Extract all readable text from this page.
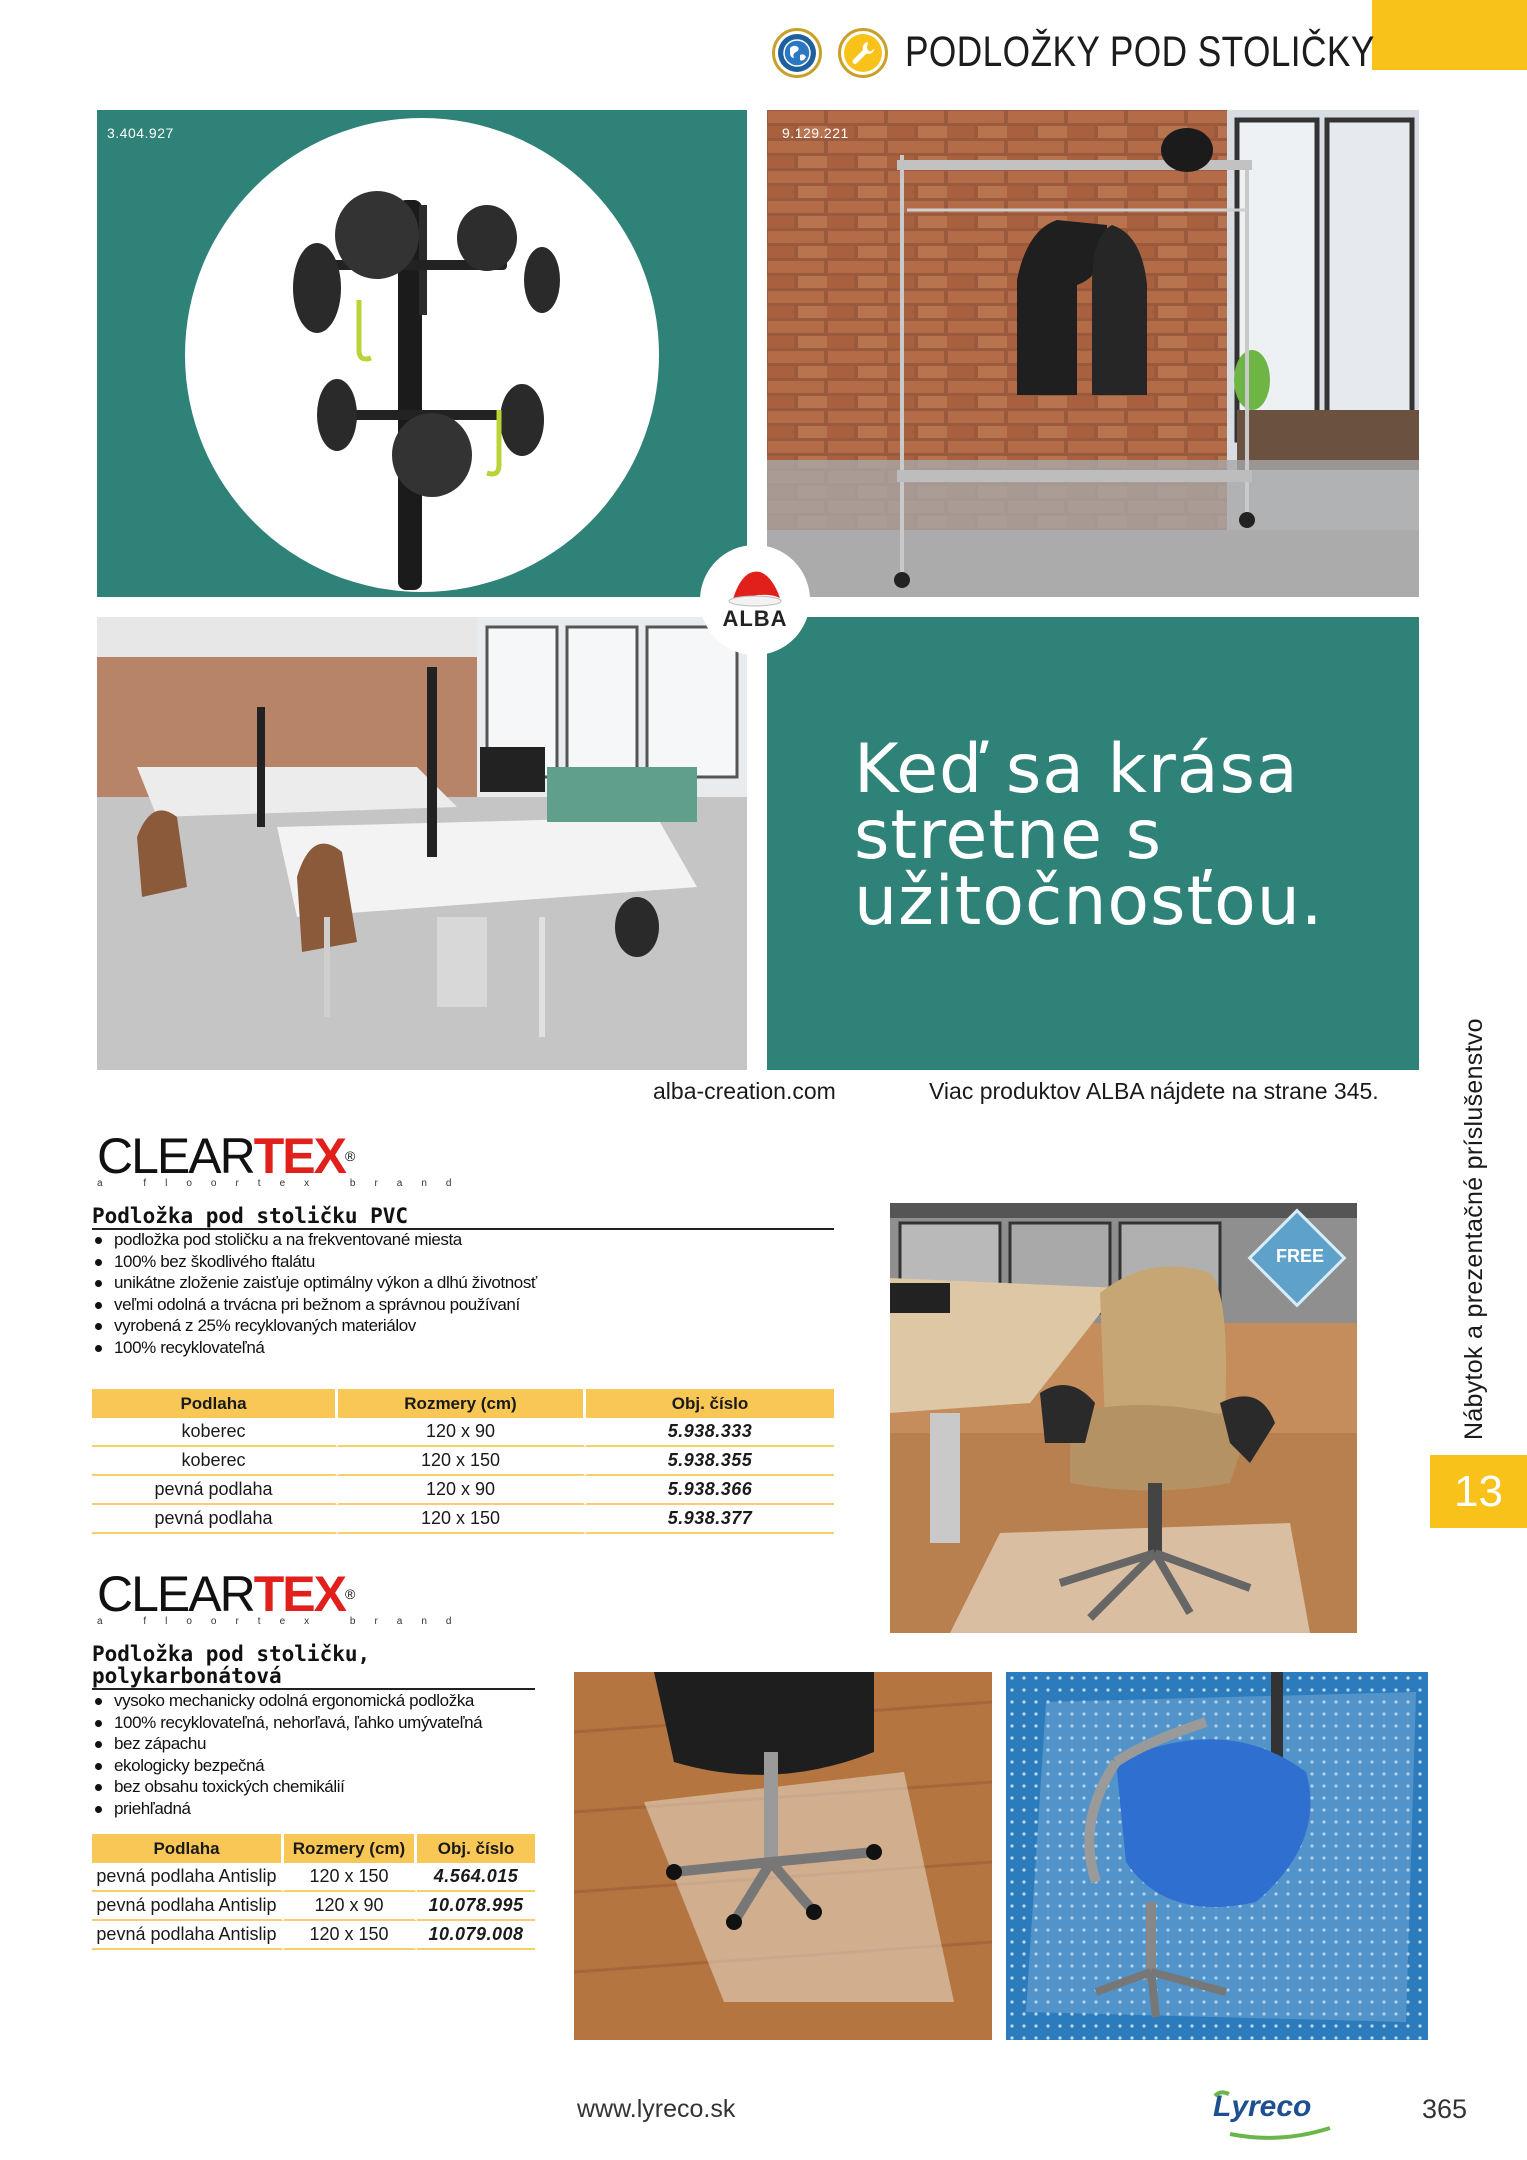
PODLOŽKY POD STOLIČKY
3.404.927	9.129.221
Keď sa krása
stretne s
užitočnosťou.
ALBA
alba-creation.com	Viac produktov ALBA nájdete na strane 345.	Nábytok a prezentačné príslušenstvo
13
CLEARTEX®
a floortex brand
Podložka pod stoličku PVC
podložka pod stoličku a na frekventované miesta
100% bez škodlivého ftalátu
unikátne zloženie zaisťuje optimálny výkon a dlhú životnosť
veľmi odolná a trvácna pri bežnom a správnou používaní
vyrobená z 25% recyklovaných materiálov
100% recyklovateľná
Podlaha	Rozmery (cm)	Obj. číslo
koberec	120 x 90	5.938.333
koberec	120 x 150	5.938.355
pevná podlaha	120 x 90	5.938.366
pevná podlaha	120 x 150	5.938.377
FREE
CLEARTEX®
a floortex brand
Podložka pod stoličku,
polykarbonátová
vysoko mechanicky odolná ergonomická podložka
100% recyklovateľná, nehorľavá, ľahko umývateľná
bez zápachu
ekologicky bezpečná
bez obsahu toxických chemikálií
priehľadná
Podlaha	Rozmery (cm)	Obj. číslo
pevná podlaha Antislip	120 x 150	4.564.015
pevná podlaha Antislip	120 x 90	10.078.995
pevná podlaha Antislip	120 x 150	10.079.008
www.lyreco.sk	Lyreco	365
